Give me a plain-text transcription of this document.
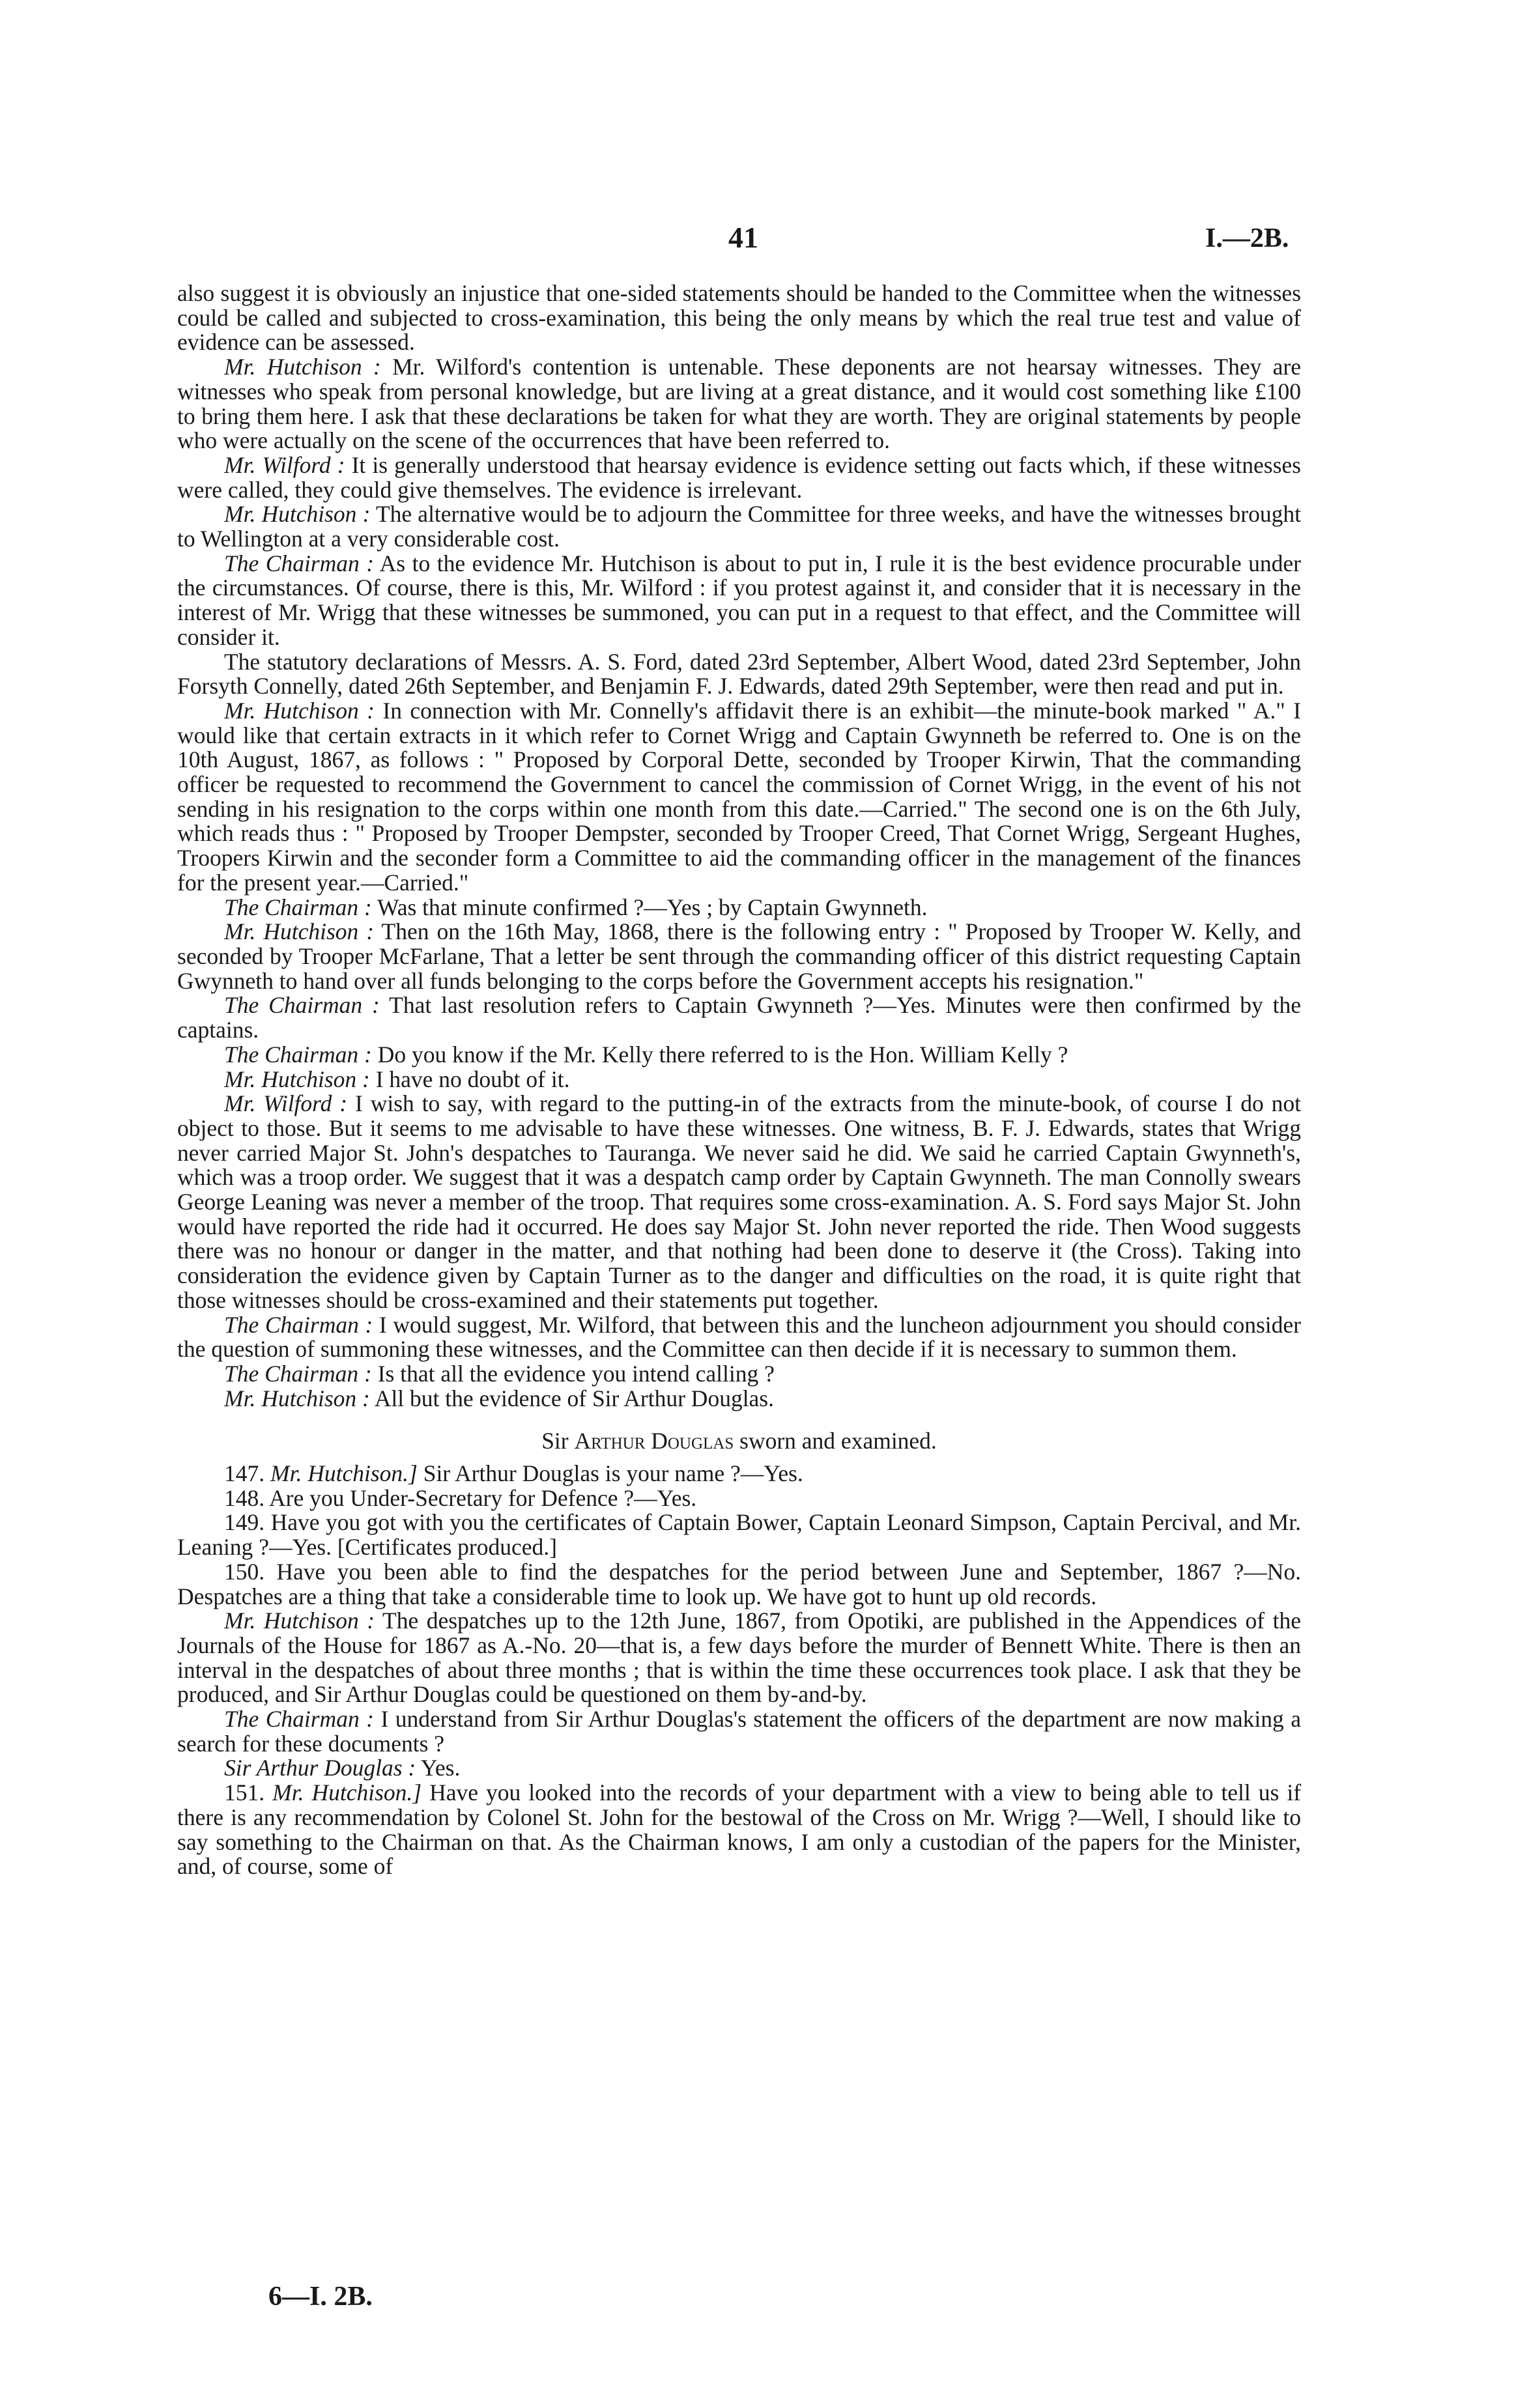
41	I.—2B.

also suggest it is obviously an injustice that one-sided statements should be handed to the Committee when the witnesses could be called and subjected to cross-examination, this being the only means by which the real true test and value of evidence can be assessed.

Mr. Hutchison : Mr. Wilford's contention is untenable. These deponents are not hearsay witnesses. They are witnesses who speak from personal knowledge, but are living at a great distance, and it would cost something like £100 to bring them here. I ask that these declarations be taken for what they are worth. They are original statements by people who were actually on the scene of the occurrences that have been referred to.

Mr. Wilford : It is generally understood that hearsay evidence is evidence setting out facts which, if these witnesses were called, they could give themselves. The evidence is irrelevant.

Mr. Hutchison : The alternative would be to adjourn the Committee for three weeks, and have the witnesses brought to Wellington at a very considerable cost.

The Chairman : As to the evidence Mr. Hutchison is about to put in, I rule it is the best evidence procurable under the circumstances. Of course, there is this, Mr. Wilford : if you protest against it, and consider that it is necessary in the interest of Mr. Wrigg that these witnesses be summoned, you can put in a request to that effect, and the Committee will consider it.

The statutory declarations of Messrs. A. S. Ford, dated 23rd September, Albert Wood, dated 23rd September, John Forsyth Connelly, dated 26th September, and Benjamin F. J. Edwards, dated 29th September, were then read and put in.

Mr. Hutchison : In connection with Mr. Connelly's affidavit there is an exhibit—the minute-book marked " A." I would like that certain extracts in it which refer to Cornet Wrigg and Captain Gwynneth be referred to. One is on the 10th August, 1867, as follows : " Proposed by Corporal Dette, seconded by Trooper Kirwin, That the commanding officer be requested to recommend the Government to cancel the commission of Cornet Wrigg, in the event of his not sending in his resignation to the corps within one month from this date.—Carried." The second one is on the 6th July, which reads thus : " Proposed by Trooper Dempster, seconded by Trooper Creed, That Cornet Wrigg, Sergeant Hughes, Troopers Kirwin and the seconder form a Committee to aid the commanding officer in the management of the finances for the present year.—Carried."

The Chairman : Was that minute confirmed ?—Yes ; by Captain Gwynneth.

Mr. Hutchison : Then on the 16th May, 1868, there is the following entry : " Proposed by Trooper W. Kelly, and seconded by Trooper McFarlane, That a letter be sent through the commanding officer of this district requesting Captain Gwynneth to hand over all funds belonging to the corps before the Government accepts his resignation."

The Chairman : That last resolution refers to Captain Gwynneth ?—Yes. Minutes were then confirmed by the captains.

The Chairman : Do you know if the Mr. Kelly there referred to is the Hon. William Kelly ?

Mr. Hutchison : I have no doubt of it.

Mr. Wilford : I wish to say, with regard to the putting-in of the extracts from the minute-book, of course I do not object to those. But it seems to me advisable to have these witnesses. One witness, B. F. J. Edwards, states that Wrigg never carried Major St. John's despatches to Tauranga. We never said he did. We said he carried Captain Gwynneth's, which was a troop order. We suggest that it was a despatch camp order by Captain Gwynneth. The man Connolly swears George Leaning was never a member of the troop. That requires some cross-examination. A. S. Ford says Major St. John would have reported the ride had it occurred. He does say Major St. John never reported the ride. Then Wood suggests there was no honour or danger in the matter, and that nothing had been done to deserve it (the Cross). Taking into consideration the evidence given by Captain Turner as to the danger and difficulties on the road, it is quite right that those witnesses should be cross-examined and their statements put together.

The Chairman : I would suggest, Mr. Wilford, that between this and the luncheon adjournment you should consider the question of summoning these witnesses, and the Committee can then decide if it is necessary to summon them.

The Chairman : Is that all the evidence you intend calling ?

Mr. Hutchison : All but the evidence of Sir Arthur Douglas.

Sir Arthur Douglas sworn and examined.

147. Mr. Hutchison.] Sir Arthur Douglas is your name ?—Yes.

148. Are you Under-Secretary for Defence ?—Yes.

149. Have you got with you the certificates of Captain Bower, Captain Leonard Simpson, Captain Percival, and Mr. Leaning ?—Yes. [Certificates produced.]

150. Have you been able to find the despatches for the period between June and September, 1867 ?—No. Despatches are a thing that take a considerable time to look up. We have got to hunt up old records.

Mr. Hutchison : The despatches up to the 12th June, 1867, from Opotiki, are published in the Appendices of the Journals of the House for 1867 as A.-No. 20—that is, a few days before the murder of Bennett White. There is then an interval in the despatches of about three months ; that is within the time these occurrences took place. I ask that they be produced, and Sir Arthur Douglas could be questioned on them by-and-by.

The Chairman : I understand from Sir Arthur Douglas's statement the officers of the department are now making a search for these documents ?

Sir Arthur Douglas : Yes.

151. Mr. Hutchison.] Have you looked into the records of your department with a view to being able to tell us if there is any recommendation by Colonel St. John for the bestowal of the Cross on Mr. Wrigg ?—Well, I should like to say something to the Chairman on that. As the Chairman knows, I am only a custodian of the papers for the Minister, and, of course, some of

6—I. 2B.
